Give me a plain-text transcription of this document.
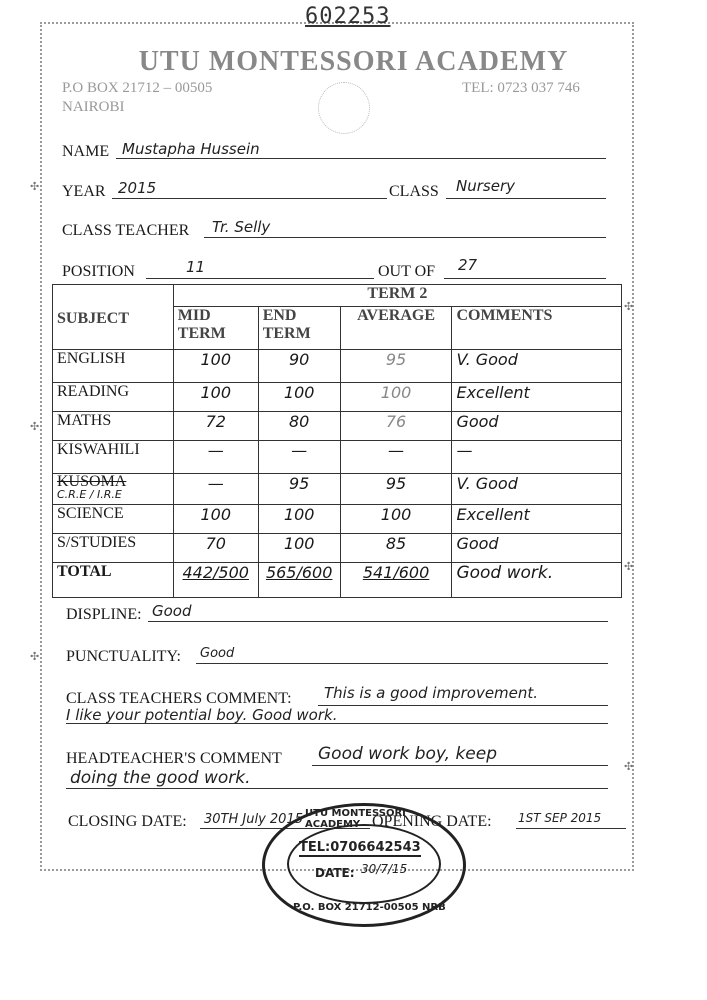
✣
✣
✣
✣
✣
✣
602253
UTU MONTESSORI ACADEMY
P.O BOX 21712 – 00505
NAIROBI
TEL: 0723 037 746
NAME Mustapha Hussein
YEAR 2015	CLASS Nursery
CLASS TEACHER Tr. Selly
POSITION	11	OUT OF 27
SUBJECT	TERM 2			
	MID TERM	END TERM	AVERAGE	COMMENTS
ENGLISH	100	90	95	V. Good
READING	100	100	100	Excellent
MATHS	72	80	76	Good
KISWAHILI	—	—	—	—
KUSOMA
C.R.E / I.R.E	—	95	95	V. Good
SCIENCE	100	100	100	Excellent
S/STUDIES	70	100	85	Good
TOTAL	442/500	565/600	541/600	Good work.
DISPLINE: Good
PUNCTUALITY: Good
CLASS TEACHERS COMMENT: This is a good improvement.
I like your potential boy. Good work.
HEADTEACHER'S COMMENT Good work boy, keep
doing the good work.
CLOSING DATE: 30TH July 2015	OPENING DATE: 1ST SEP 2015
UTU MONTESSORI ACADEMY
TEL:0706642543
DATE: 30/7/15
P.O. BOX 21712-00505 NRB
